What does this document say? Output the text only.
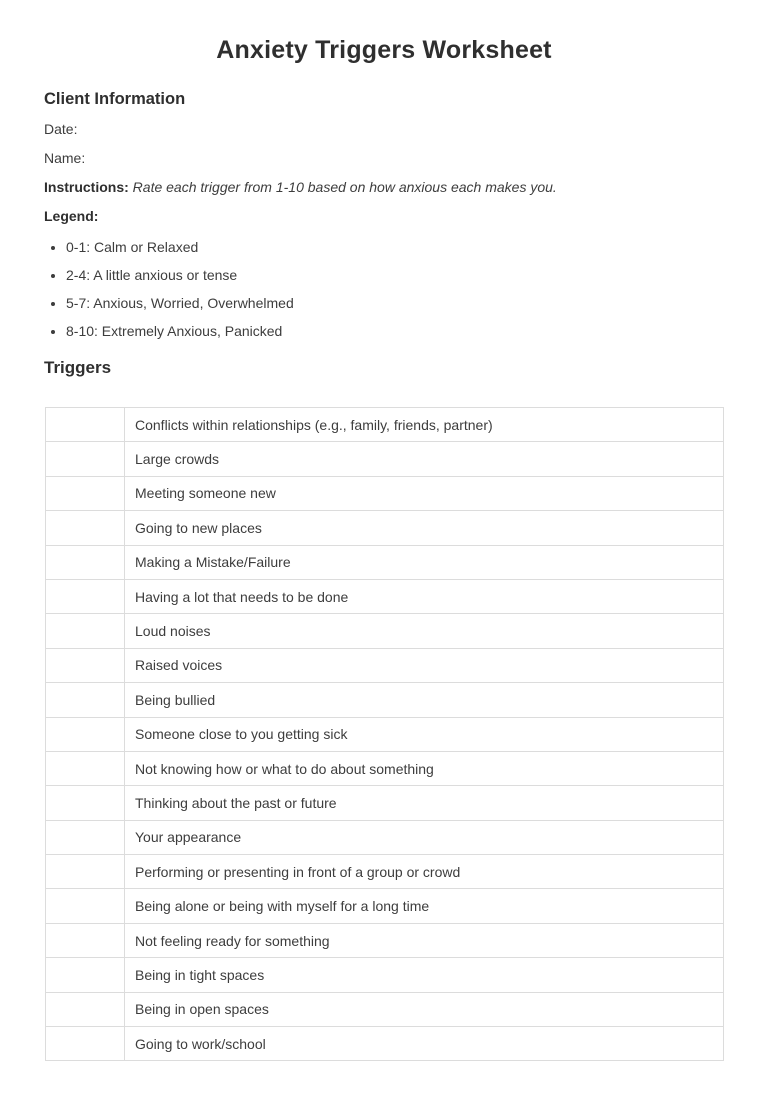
Anxiety Triggers Worksheet
Client Information

Date:

Name:

Instructions: Rate each trigger from 1-10 based on how anxious each makes you.

Legend:

• 0-1: Calm or Relaxed
• 2-4: A little anxious or tense
• 5-7: Anxious, Worried, Overwhelmed
• 8-10: Extremely Anxious, Panicked
Triggers
	Conflicts within relationships (e.g., family, friends, partner)
	Large crowds
	Meeting someone new
	Going to new places
	Making a Mistake/Failure
	Having a lot that needs to be done
	Loud noises
	Raised voices
	Being bullied
	Someone close to you getting sick
	Not knowing how or what to do about something
	Thinking about the past or future
	Your appearance
	Performing or presenting in front of a group or crowd
	Being alone or being with myself for a long time
	Not feeling ready for something
	Being in tight spaces
	Being in open spaces
	Going to work/school
